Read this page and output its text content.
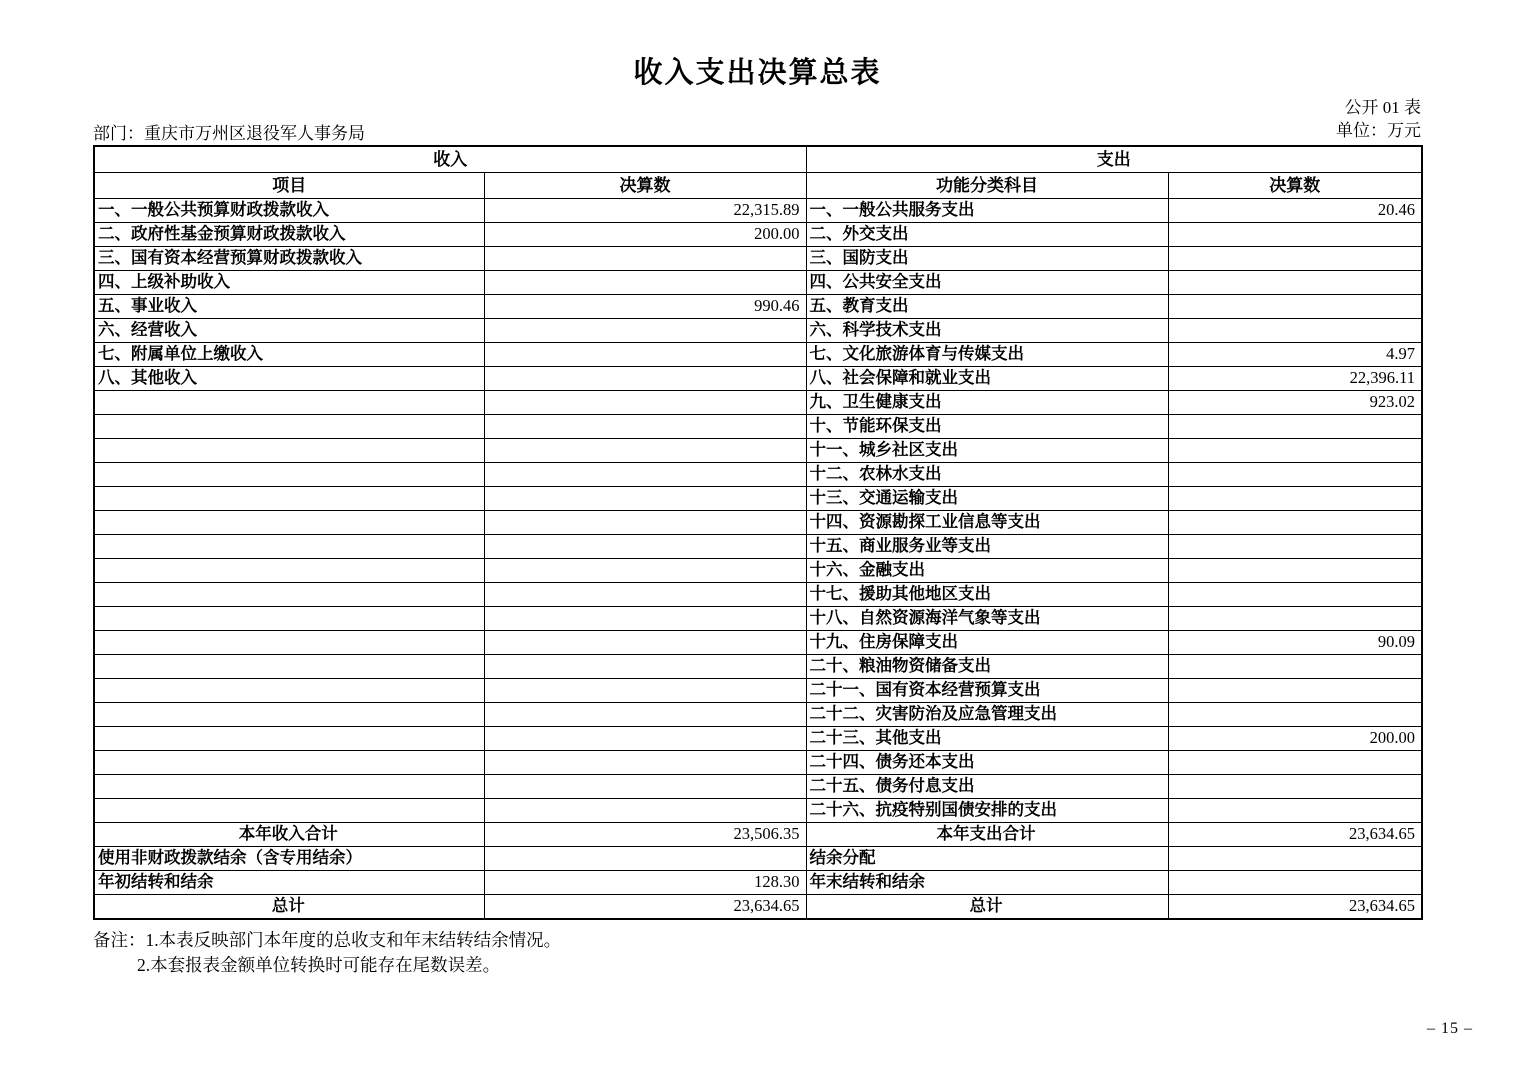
收入支出决算总表
公开 01 表
部门：重庆市万州区退役军人事务局	单位：万元
收入		支出	
项目	决算数	功能分类科目	决算数
一、一般公共预算财政拨款收入	22,315.89	一、一般公共服务支出	20.46
二、政府性基金预算财政拨款收入	200.00	二、外交支出	
三、国有资本经营预算财政拨款收入		三、国防支出	
四、上级补助收入		四、公共安全支出	
五、事业收入	990.46	五、教育支出	
六、经营收入		六、科学技术支出	
七、附属单位上缴收入		七、文化旅游体育与传媒支出	4.97
八、其他收入		八、社会保障和就业支出	22,396.11
		九、卫生健康支出	923.02
		十、节能环保支出	
		十一、城乡社区支出	
		十二、农林水支出	
		十三、交通运输支出	
		十四、资源勘探工业信息等支出	
		十五、商业服务业等支出	
		十六、金融支出	
		十七、援助其他地区支出	
		十八、自然资源海洋气象等支出	
		十九、住房保障支出	90.09
		二十、粮油物资储备支出	
		二十一、国有资本经营预算支出	
		二十二、灾害防治及应急管理支出	
		二十三、其他支出	200.00
		二十四、债务还本支出	
		二十五、债务付息支出	
		二十六、抗疫特别国债安排的支出	
本年收入合计	23,506.35	本年支出合计	23,634.65
使用非财政拨款结余（含专用结余）		结余分配	
年初结转和结余	128.30	年末结转和结余	
总计	23,634.65	总计	23,634.65
备注：1.本表反映部门本年度的总收支和年末结转结余情况。
2.本套报表金额单位转换时可能存在尾数误差。
– 15 –
